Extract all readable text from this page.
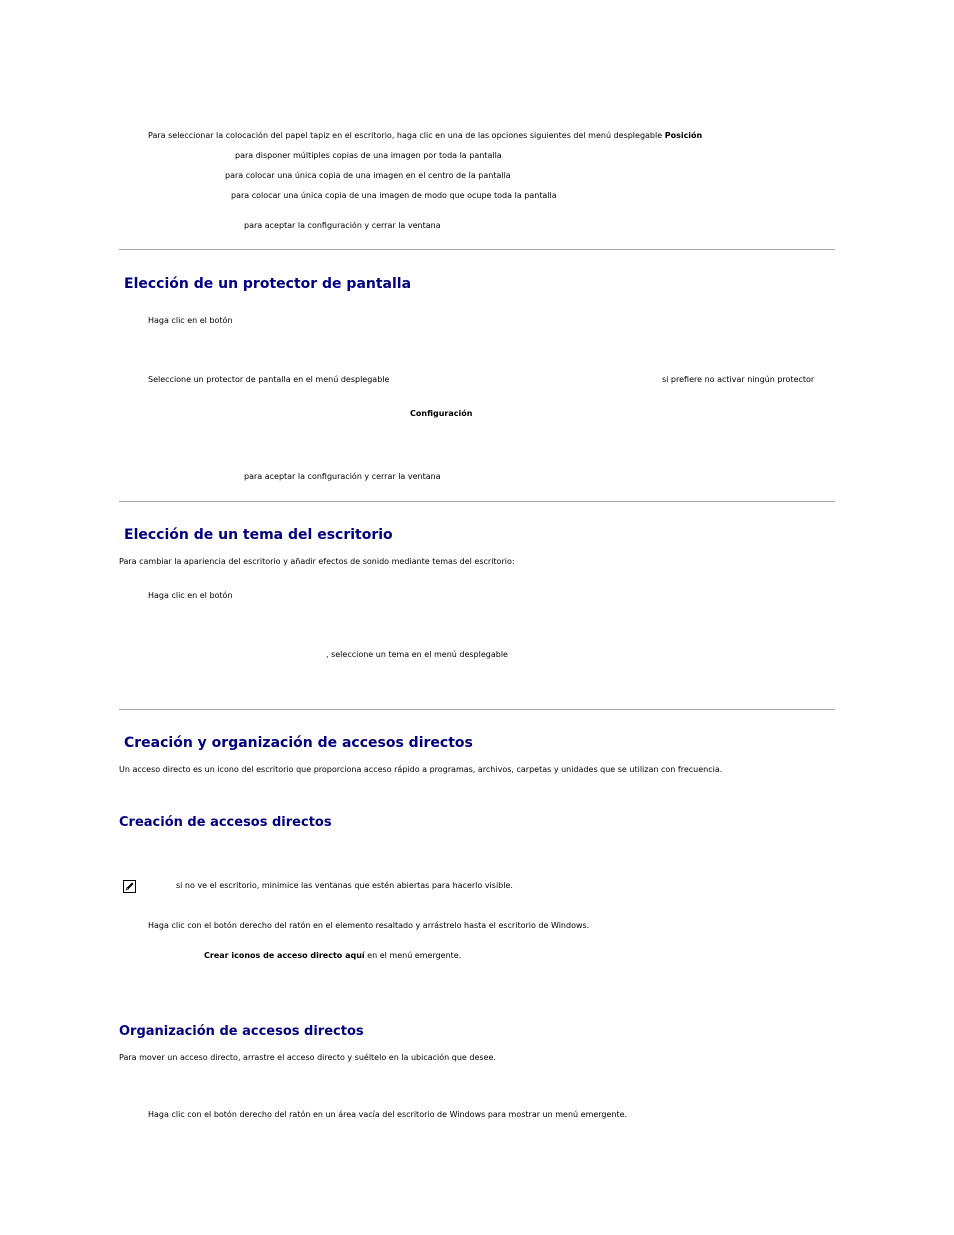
Para seleccionar la colocación del papel tapiz en el escritorio, haga clic en una de las opciones siguientes del menú desplegable Posición
para disponer múltiples copias de una imagen por toda la pantalla
para colocar una única copia de una imagen en el centro de la pantalla
para colocar una única copia de una imagen de modo que ocupe toda la pantalla
para aceptar la configuración y cerrar la ventana
Elección de un protector de pantalla
Haga clic en el botón
Seleccione un protector de pantalla en el menú desplegable	si prefiere no activar ningún protector
Configuración
para aceptar la configuración y cerrar la ventana
Elección de un tema del escritorio
Para cambiar la apariencia del escritorio y añadir efectos de sonido mediante temas del escritorio:
Haga clic en el botón
, seleccione un tema en el menú desplegable
Creación y organización de accesos directos
Un acceso directo es un icono del escritorio que proporciona acceso rápido a programas, archivos, carpetas y unidades que se utilizan con frecuencia.
Creación de accesos directos
si no ve el escritorio, minimice las ventanas que estén abiertas para hacerlo visible.
Haga clic con el botón derecho del ratón en el elemento resaltado y arrástrelo hasta el escritorio de Windows.
Crear iconos de acceso directo aquí en el menú emergente.
Organización de accesos directos
Para mover un acceso directo, arrastre el acceso directo y suéltelo en la ubicación que desee.
Haga clic con el botón derecho del ratón en un área vacía del escritorio de Windows para mostrar un menú emergente.
